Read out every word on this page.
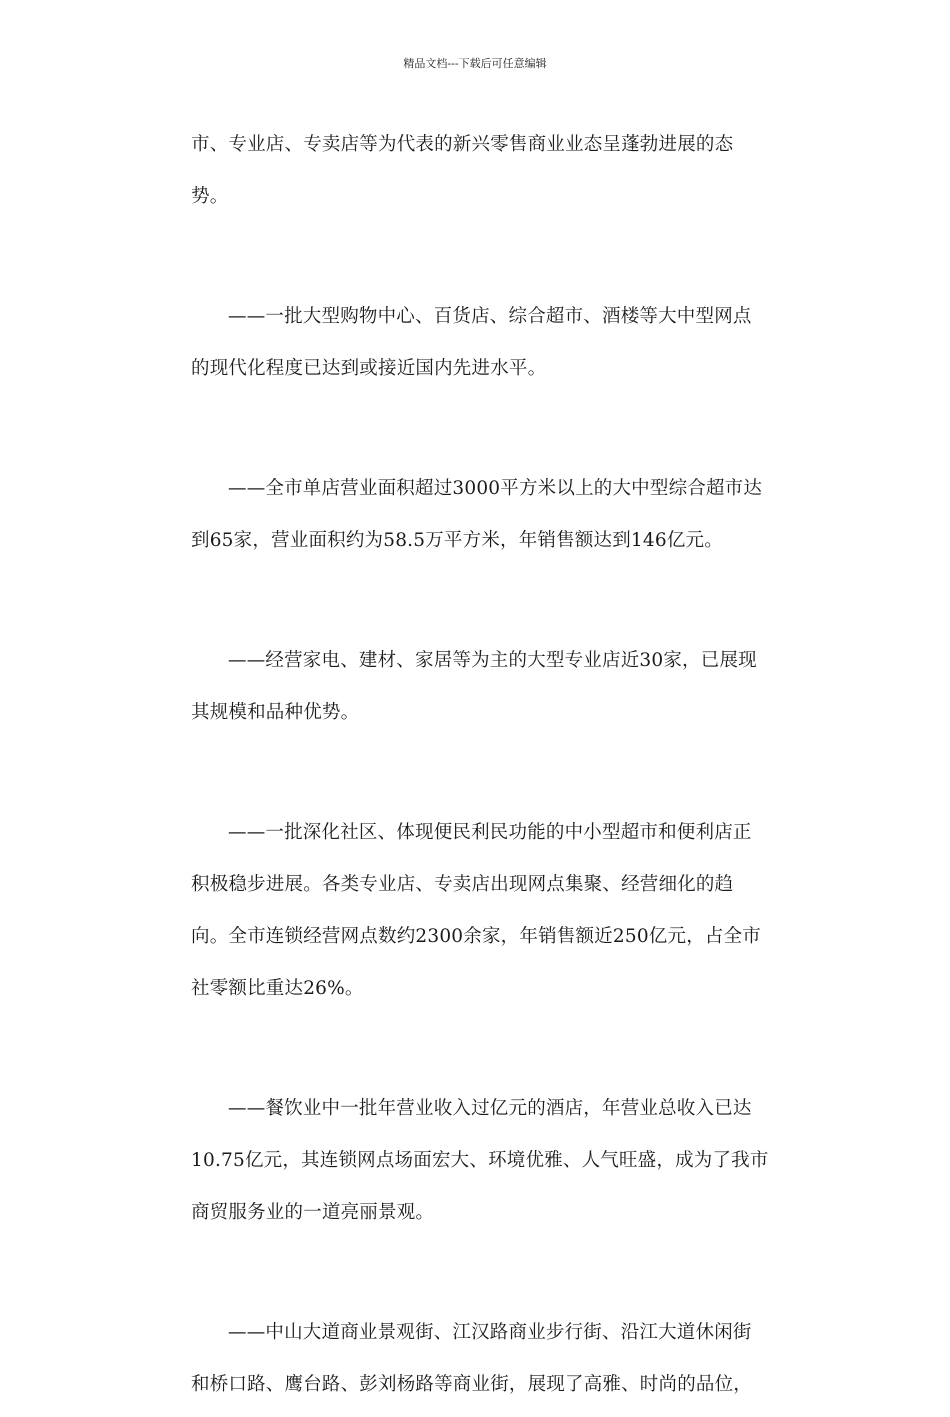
精品文档---下载后可任意编辑
市、专业店、专卖店等为代表的新兴零售商业业态呈蓬勃进展的态
势。
——一批大型购物中心、百货店、综合超市、酒楼等大中型网点
的现代化程度已达到或接近国内先进水平。
——全市单店营业面积超过3000平方米以上的大中型综合超市达
到65家，营业面积约为58.5万平方米，年销售额达到146亿元。
——经营家电、建材、家居等为主的大型专业店近30家，已展现
其规模和品种优势。
——一批深化社区、体现便民利民功能的中小型超市和便利店正
积极稳步进展。各类专业店、专卖店出现网点集聚、经营细化的趋
向。全市连锁经营网点数约2300余家，年销售额近250亿元，占全市
社零额比重达26%。
——餐饮业中一批年营业收入过亿元的酒店，年营业总收入已达
10.75亿元，其连锁网点场面宏大、环境优雅、人气旺盛，成为了我市
商贸服务业的一道亮丽景观。
——中山大道商业景观街、江汉路商业步行街、沿江大道休闲街
和桥口路、鹰台路、彭刘杨路等商业街，展现了高雅、时尚的品位，
